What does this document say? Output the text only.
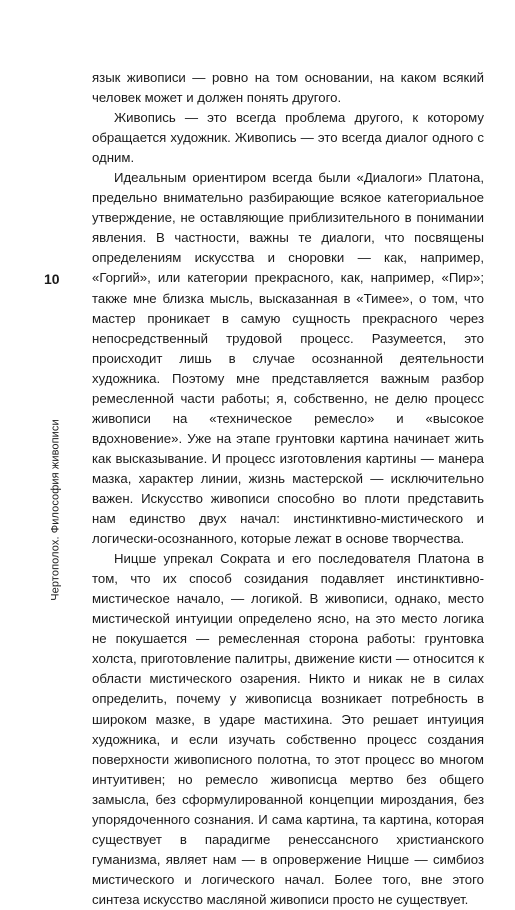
10
Чертополох. Философия живописи

язык живописи — ровно на том основании, на каком всякий человек может и должен понять другого.

Живопись — это всегда проблема другого, к которому обращается художник. Живопись — это всегда диалог одного с одним.

Идеальным ориентиром всегда были «Диалоги» Платона, предельно внимательно разбирающие всякое категориальное утверждение, не оставляющие приблизительного в понимании явления. В частности, важны те диалоги, что посвящены определениям искусства и сноровки — как, например, «Горгий», или категории прекрасного, как, например, «Пир»; также мне близка мысль, высказанная в «Тимее», о том, что мастер проникает в самую сущность прекрасного через непосредственный трудовой процесс. Разумеется, это происходит лишь в случае осознанной деятельности художника. Поэтому мне представляется важным разбор ремесленной части работы; я, собственно, не делю процесс живописи на «техническое ремесло» и «высокое вдохновение». Уже на этапе грунтовки картина начинает жить как высказывание. И процесс изготовления картины — манера мазка, характер линии, жизнь мастерской — исключительно важен. Искусство живописи способно во плоти представить нам единство двух начал: инстинктивно-мистического и логически-осознанного, которые лежат в основе творчества.

Ницше упрекал Сократа и его последователя Платона в том, что их способ созидания подавляет инстинктивно-мистическое начало, — логикой. В живописи, однако, место мистической интуиции определено ясно, на это место логика не покушается — ремесленная сторона работы: грунтовка холста, приготовление палитры, движение кисти — относится к области мистического озарения. Никто и никак не в силах определить, почему у живописца возникает потребность в широком мазке, в ударе мастихина. Это решает интуиция художника, и если изучать собственно процесс создания поверхности живописного полотна, то этот процесс во многом интуитивен; но ремесло живописца мертво без общего замысла, без сформулированной концепции мироздания, без упорядоченного сознания. И сама картина, та картина, которая существует в парадигме ренессансного христианского гуманизма, являет нам — в опровержение Ницше — симбиоз мистического и логического начал. Более того, вне этого синтеза искусство масляной живописи просто не существует.
